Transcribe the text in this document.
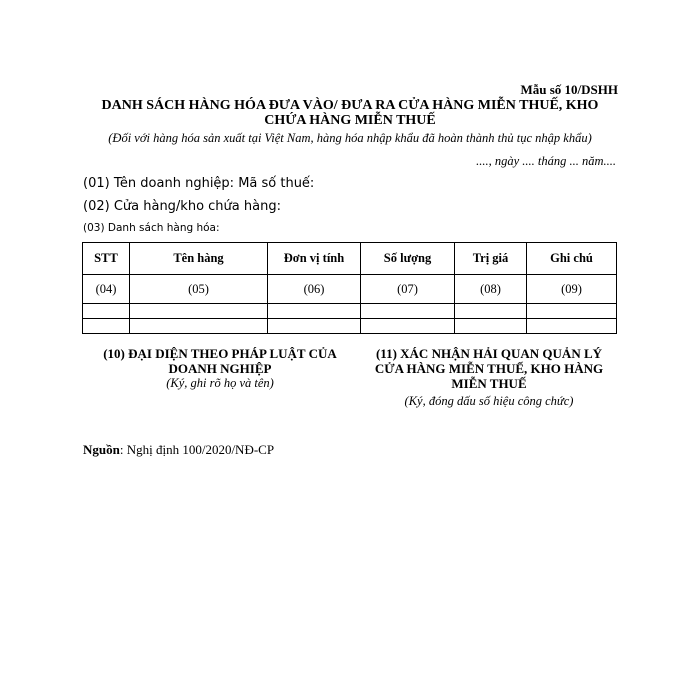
Mẫu số 10/DSHH
DANH SÁCH HÀNG HÓA ĐƯA VÀO/ ĐƯA RA CỬA HÀNG MIỄN THUẾ, KHO
CHỨA HÀNG MIỄN THUẾ
(Đối với hàng hóa sản xuất tại Việt Nam, hàng hóa nhập khẩu đã hoàn thành thủ tục nhập khẩu)
...., ngày .... tháng ... năm....
(01) Tên doanh nghiệp: Mã số thuế:
(02) Cửa hàng/kho chứa hàng:
(03) Danh sách hàng hóa:
STT	Tên hàng	Đơn vị tính	Số lượng	Trị giá	Ghi chú
(04)	(05)	(06)	(07)	(08)	(09)

(10) ĐẠI DIỆN THEO PHÁP LUẬT CỦA
DOANH NGHIỆP
(Ký, ghi rõ họ và tên)
(11) XÁC NHẬN HẢI QUAN QUẢN LÝ
CỬA HÀNG MIỄN THUẾ, KHO HÀNG
MIỄN THUẾ
(Ký, đóng dấu số hiệu công chức)
Nguồn: Nghị định 100/2020/NĐ-CP
